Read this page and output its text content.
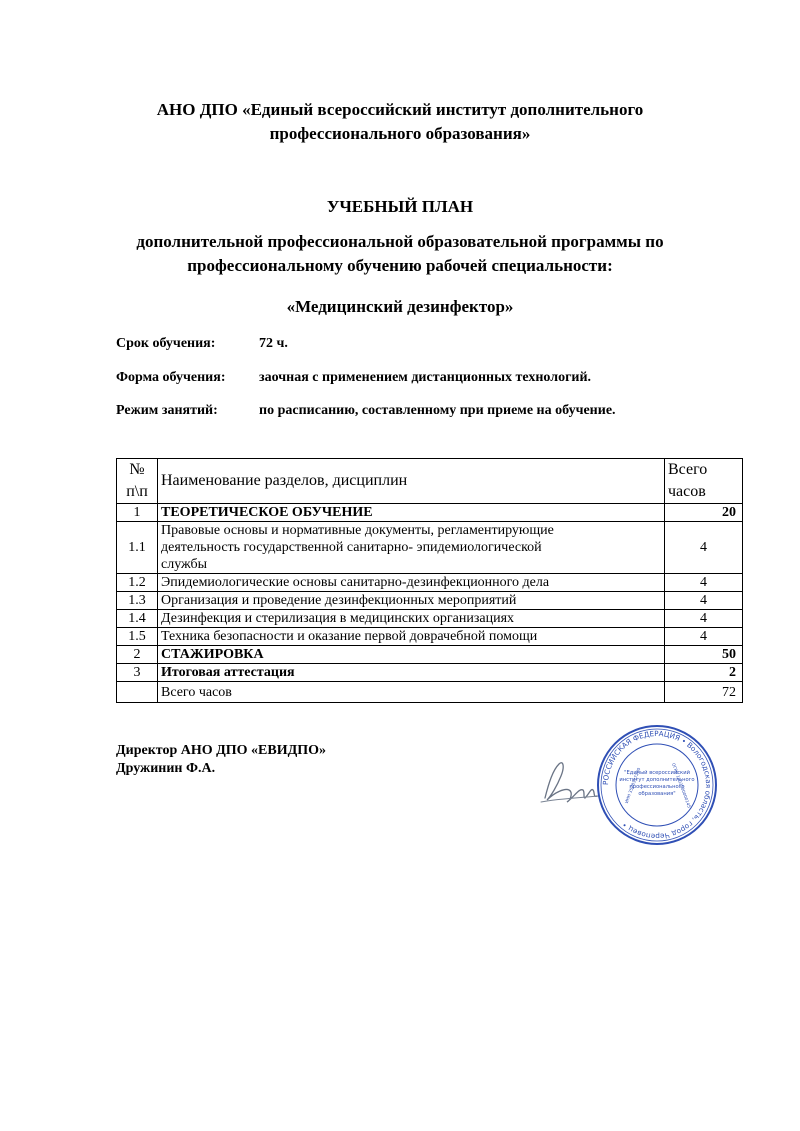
АНО ДПО «Единый всероссийский институт дополнительного
профессионального образования»
УЧЕБНЫЙ ПЛАН
дополнительной профессиональной образовательной программы по
профессиональному обучению рабочей специальности:
«Медицинский дезинфектор»
Срок обучения:	72 ч.
Форма обучения: заочная с применением дистанционных технологий.
Режим занятий:	по расписанию, составленному при приеме на обучение.
№ п\п	Наименование разделов, дисциплин	Всего
часов

1	ТЕОРЕТИЧЕСКОЕ ОБУЧЕНИЕ	20
1.1	Правовые основы и нормативные документы, регламентирующие
деятельность государственной санитарно- эпидемиологической
службы	4
1.2	Эпидемиологические основы санитарно-дезинфекционного дела	4
1.3	Организация и проведение дезинфекционных мероприятий	4
1.4	Дезинфекция и стерилизация в медицинских организациях	4
1.5	Техника безопасности и оказание первой доврачебной помощи	4
2	СТАЖИРОВКА	50
3	Итоговая аттестация	2
	Всего часов	72
Директор АНО ДПО «ЕВИДПО»
Дружинин Ф.А.
РОССИЙСКАЯ ФЕДЕРАЦИЯ • Вологодская область, город Череповец •
"Единый всероссийский
институт дополнительного
профессионального
образования"
ИНН 3528317290	ОГРН 1203500000145
